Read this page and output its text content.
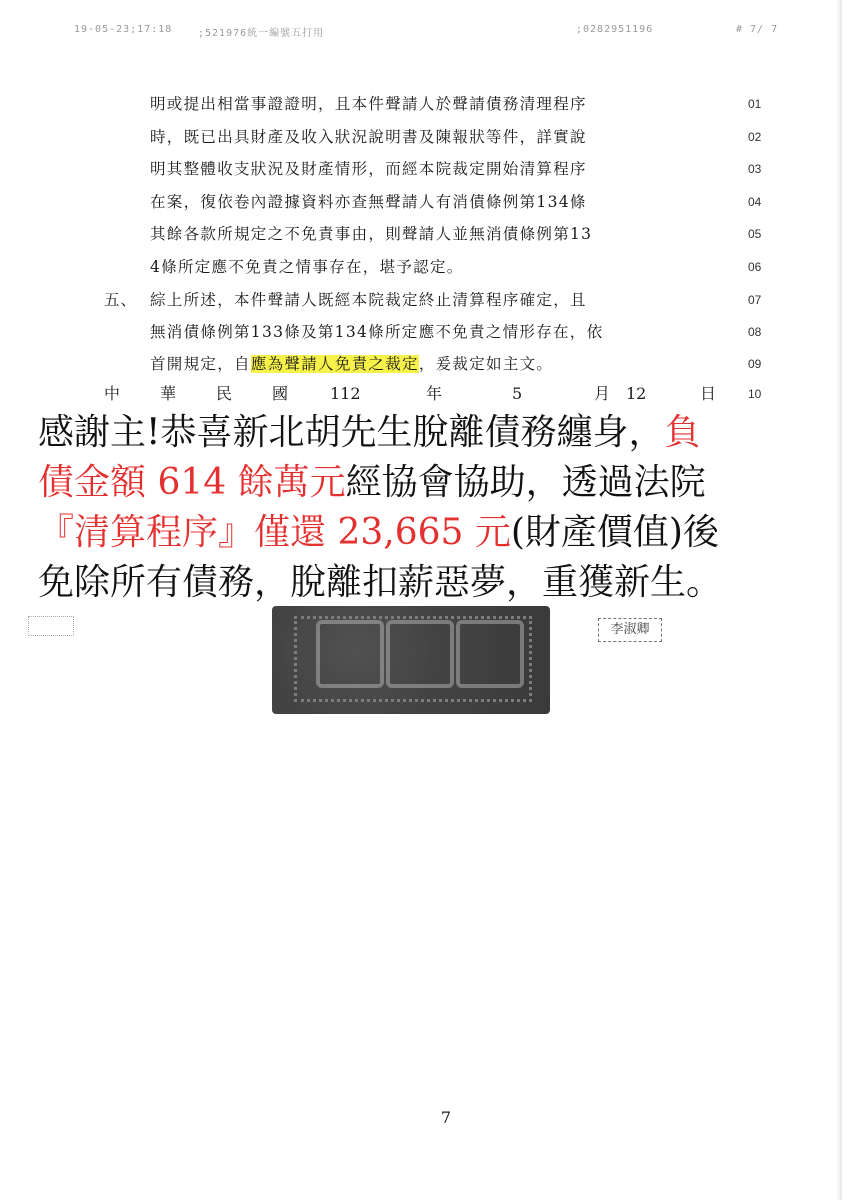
19-05-23;17:18	;521976統一編號五打用	;0282951196	# 7/ 7
明或提出相當事證證明，且本件聲請人於聲請債務清理程序	01
時，既已出具財產及收入狀況說明書及陳報狀等件，詳實說	02
明其整體收支狀況及財產情形，而經本院裁定開始清算程序	03
在案，復依卷內證據資料亦查無聲請人有消債條例第134條	04
其餘各款所規定之不免責事由，則聲請人並無消債條例第13	05
4條所定應不免責之情事存在，堪予認定。	06
五、 綜上所述，本件聲請人既經本院裁定終止清算程序確定，且	07
無消債條例第133條及第134條所定應不免責之情形存在，依	08
首開規定，自應為聲請人免責之裁定，爰裁定如主文。	09
中 華 民 國	112	年	5	月 12	日	10
李淑卿
感謝主!恭喜新北胡先生脫離債務纏身，負
債金額 614 餘萬元經協會協助，透過法院
『清算程序』僅還 23,665 元(財產價值)後
免除所有債務，脫離扣薪惡夢，重獲新生。
7
